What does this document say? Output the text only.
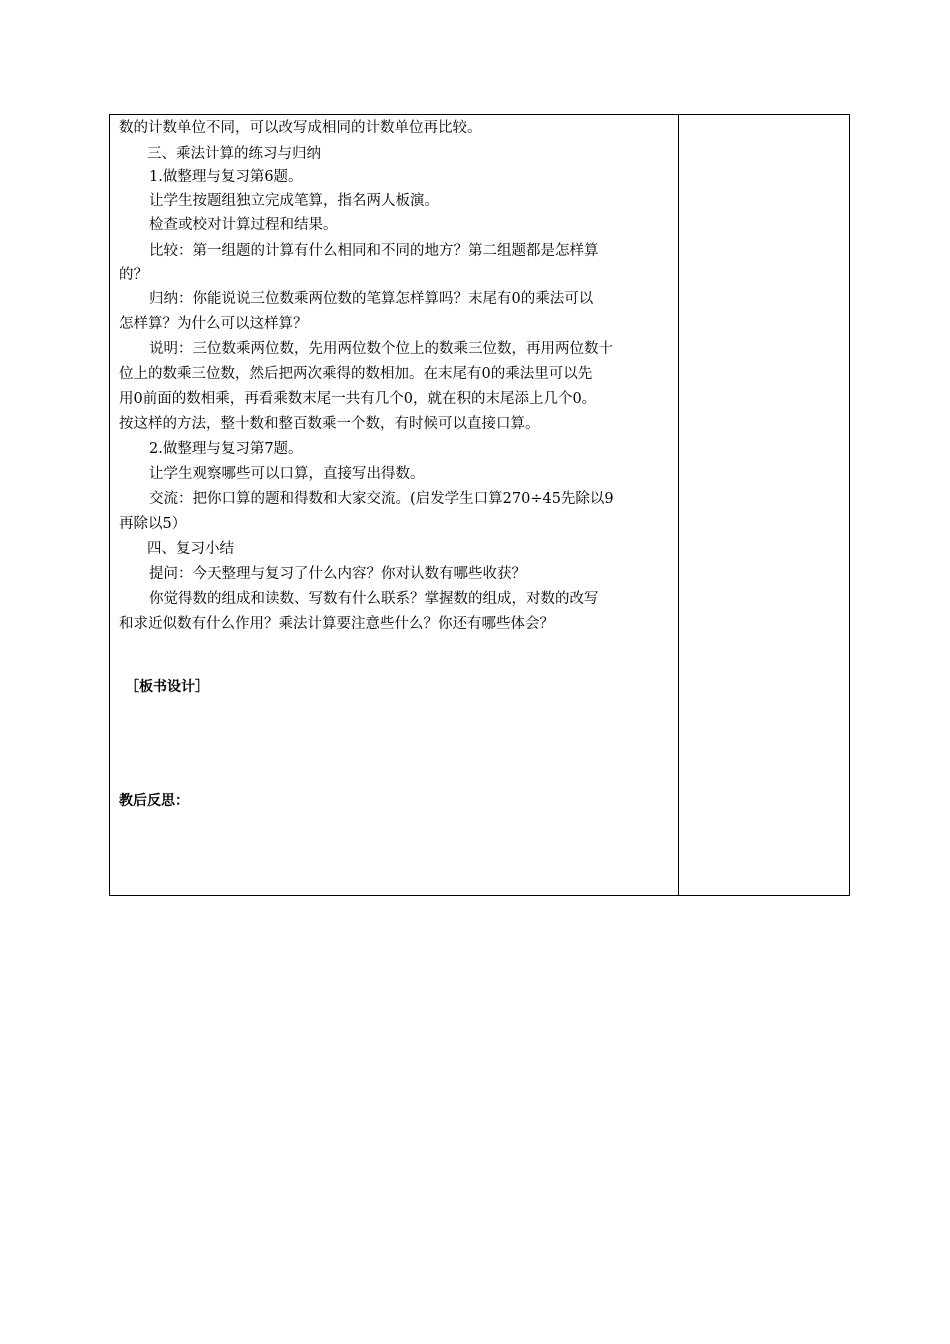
数的计数单位不同，可以改写成相同的计数单位再比较。
三、乘法计算的练习与归纳
1.做整理与复习第6题。
让学生按题组独立完成笔算，指名两人板演。
检查或校对计算过程和结果。
比较：第一组题的计算有什么相同和不同的地方？第二组题都是怎样算
的？
归纳：你能说说三位数乘两位数的笔算怎样算吗？末尾有0的乘法可以
怎样算？为什么可以这样算？
说明：三位数乘两位数，先用两位数个位上的数乘三位数，再用两位数十
位上的数乘三位数，然后把两次乘得的数相加。在末尾有0的乘法里可以先
用0前面的数相乘，再看乘数末尾一共有几个0，就在积的末尾添上几个0。
按这样的方法，整十数和整百数乘一个数，有时候可以直接口算。
2.做整理与复习第7题。
让学生观察哪些可以口算，直接写出得数。
交流：把你口算的题和得数和大家交流。(启发学生口算270÷45先除以9
再除以5）
四、复习小结
提问：今天整理与复习了什么内容？你对认数有哪些收获？
你觉得数的组成和读数、写数有什么联系？掌握数的组成，对数的改写
和求近似数有什么作用？乘法计算要注意些什么？你还有哪些体会？
［板书设计］
教后反思：
